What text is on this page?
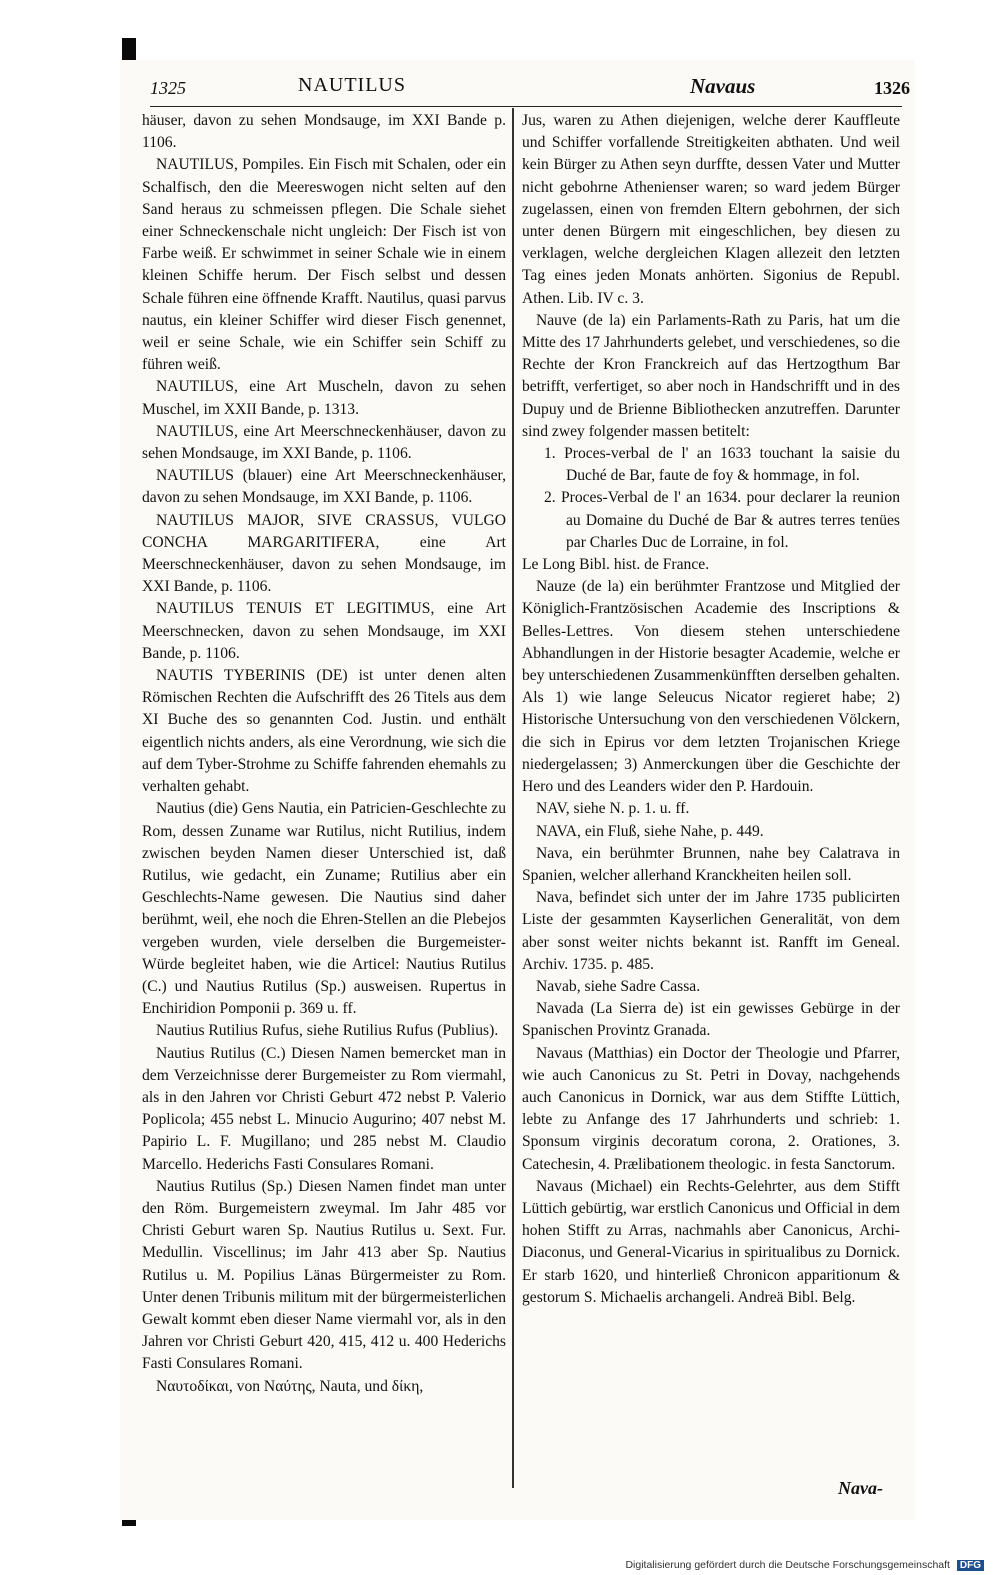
1325	NAUTILUS	Navaus	1326

häuser, davon zu sehen Mondsauge, im XXI Bande p. 1106.

NAUTILUS, Pompiles. Ein Fisch mit Schalen, oder ein Schalfisch, den die Meereswogen nicht selten auf den Sand heraus zu schmeissen pflegen. Die Schale siehet einer Schneckenschale nicht ungleich: Der Fisch ist von Farbe weiß. Er schwimmet in seiner Schale wie in einem kleinen Schiffe herum. Der Fisch selbst und dessen Schale führen eine öffnende Krafft. Nautilus, quasi parvus nautus, ein kleiner Schiffer wird dieser Fisch genennet, weil er seine Schale, wie ein Schiffer sein Schiff zu führen weiß.

NAUTILUS, eine Art Muscheln, davon zu sehen Muschel, im XXII Bande, p. 1313.

NAUTILUS, eine Art Meerschneckenhäuser, davon zu sehen Mondsauge, im XXI Bande, p. 1106.

NAUTILUS (blauer) eine Art Meerschneckenhäuser, davon zu sehen Mondsauge, im XXI Bande, p. 1106.

NAUTILUS MAJOR, SIVE CRASSUS, VULGO CONCHA MARGARITIFERA, eine Art Meerschneckenhäuser, davon zu sehen Mondsauge, im XXI Bande, p. 1106.

NAUTILUS TENUIS ET LEGITIMUS, eine Art Meerschnecken, davon zu sehen Mondsauge, im XXI Bande, p. 1106.

NAUTIS TYBERINIS (DE) ist unter denen alten Römischen Rechten die Aufschrifft des 26 Titels aus dem XI Buche des so genannten Cod. Justin. und enthält eigentlich nichts anders, als eine Verordnung, wie sich die auf dem Tyber-Strohme zu Schiffe fahrenden ehemahls zu verhalten gehabt.

Nautius (die) Gens Nautia, ein Patricien-Geschlechte zu Rom, dessen Zuname war Rutilus, nicht Rutilius, indem zwischen beyden Namen dieser Unterschied ist, daß Rutilus, wie gedacht, ein Zuname; Rutilius aber ein Geschlechts-Name gewesen. Die Nautius sind daher berühmt, weil, ehe noch die Ehren-Stellen an die Plebejos vergeben wurden, viele derselben die Burgemeister-Würde begleitet haben, wie die Articel: Nautius Rutilus (C.) und Nautius Rutilus (Sp.) ausweisen. Rupertus in Enchiridion Pomponii p. 369 u. ff.

Nautius Rutilius Rufus, siehe Rutilius Rufus (Publius).

Nautius Rutilus (C.) Diesen Namen bemercket man in dem Verzeichnisse derer Burgemeister zu Rom viermahl, als in den Jahren vor Christi Geburt 472 nebst P. Valerio Poplicola; 455 nebst L. Minucio Augurino; 407 nebst M. Papirio L. F. Mugillano; und 285 nebst M. Claudio Marcello. Hederichs Fasti Consulares Romani.

Nautius Rutilus (Sp.) Diesen Namen findet man unter den Röm. Burgemeistern zweymal. Im Jahr 485 vor Christi Geburt waren Sp. Nautius Rutilus u. Sext. Fur. Medullin. Viscellinus; im Jahr 413 aber Sp. Nautius Rutilus u. M. Popilius Länas Bürgermeister zu Rom. Unter denen Tribunis militum mit der bürgermeisterlichen Gewalt kommt eben dieser Name viermahl vor, als in den Jahren vor Christi Geburt 420, 415, 412 u. 400 Hederichs Fasti Consulares Romani.

Ναυτοδίκαι, von Ναύτης, Nauta, und δίκη,

Jus, waren zu Athen diejenigen, welche derer Kauffleute und Schiffer vorfallende Streitigkeiten abthaten. Und weil kein Bürger zu Athen seyn durffte, dessen Vater und Mutter nicht gebohrne Athenienser waren; so ward jedem Bürger zugelassen, einen von fremden Eltern gebohrnen, der sich unter denen Bürgern mit eingeschlichen, bey diesen zu verklagen, welche dergleichen Klagen allezeit den letzten Tag eines jeden Monats anhörten. Sigonius de Republ. Athen. Lib. IV c. 3.

Nauve (de la) ein Parlaments-Rath zu Paris, hat um die Mitte des 17 Jahrhunderts gelebet, und verschiedenes, so die Rechte der Kron Franckreich auf das Hertzogthum Bar betrifft, verfertiget, so aber noch in Handschrifft und in des Dupuy und de Brienne Bibliothecken anzutreffen. Darunter sind zwey folgender massen betitelt:

1. Proces-verbal de l' an 1633 touchant la saisie du Duché de Bar, faute de foy & hommage, in fol.

2. Proces-Verbal de l' an 1634. pour declarer la reunion au Domaine du Duché de Bar & autres terres tenües par Charles Duc de Lorraine, in fol.

Le Long Bibl. hist. de France.

Nauze (de la) ein berühmter Frantzose und Mitglied der Königlich-Frantzösischen Academie des Inscriptions & Belles-Lettres. Von diesem stehen unterschiedene Abhandlungen in der Historie besagter Academie, welche er bey unterschiedenen Zusammenkünfften derselben gehalten. Als 1) wie lange Seleucus Nicator regieret habe; 2) Historische Untersuchung von den verschiedenen Völckern, die sich in Epirus vor dem letzten Trojanischen Kriege niedergelassen; 3) Anmerckungen über die Geschichte der Hero und des Leanders wider den P. Hardouin.

NAV, siehe N. p. 1. u. ff.

NAVA, ein Fluß, siehe Nahe, p. 449.

Nava, ein berühmter Brunnen, nahe bey Calatrava in Spanien, welcher allerhand Kranckheiten heilen soll.

Nava, befindet sich unter der im Jahre 1735 publicirten Liste der gesammten Kayserlichen Generalität, von dem aber sonst weiter nichts bekannt ist. Ranfft im Geneal. Archiv. 1735. p. 485.

Navab, siehe Sadre Cassa.

Navada (La Sierra de) ist ein gewisses Gebürge in der Spanischen Provintz Granada.

Navaus (Matthias) ein Doctor der Theologie und Pfarrer, wie auch Canonicus zu St. Petri in Dovay, nachgehends auch Canonicus in Dornick, war aus dem Stiffte Lüttich, lebte zu Anfange des 17 Jahrhunderts und schrieb: 1. Sponsum virginis decoratum corona, 2. Orationes, 3. Catechesin, 4. Prælibationem theologic. in festa Sanctorum.

Navaus (Michael) ein Rechts-Gelehrter, aus dem Stifft Lüttich gebürtig, war erstlich Canonicus und Official in dem hohen Stifft zu Arras, nachmahls aber Canonicus, Archi-Diaconus, und General-Vicarius in spiritualibus zu Dornick. Er starb 1620, und hinterließ Chronicon apparitionum & gestorum S. Michaelis archangeli. Andreä Bibl. Belg.

Nava-
Digitalisierung gefördert durch die Deutsche Forschungsgemeinschaft DFG
